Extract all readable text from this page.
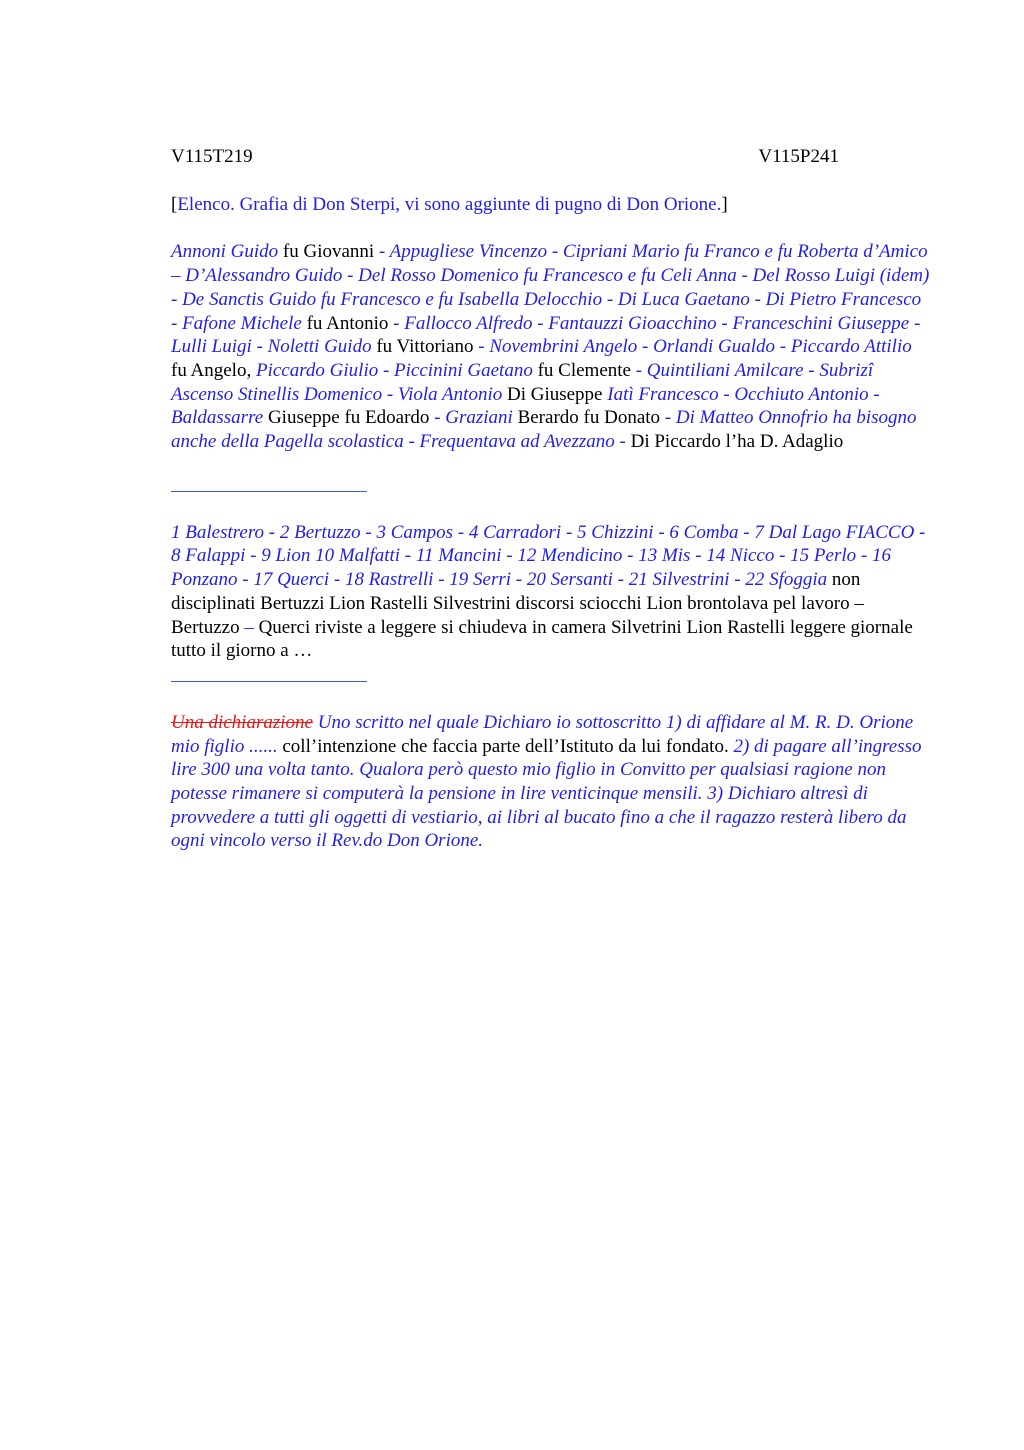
V115T219	V115P241

[Elenco. Grafia di Don Sterpi, vi sono aggiunte di pugno di Don Orione.]

Annoni Guido fu Giovanni - Appugliese Vincenzo - Cipriani Mario fu Franco e fu Roberta d’Amico – D’Alessandro Guido - Del Rosso Domenico fu Francesco e fu Celi Anna - Del Rosso Luigi (idem) - De Sanctis Guido fu Francesco e fu Isabella Delocchio - Di Luca Gaetano - Di Pietro Francesco - Fafone Michele fu Antonio - Fallocco Alfredo - Fantauzzi Gioacchino - Franceschini Giuseppe - Lulli Luigi - Noletti Guido fu Vittoriano - Novembrini Angelo - Orlandi Gualdo - Piccardo Attilio fu Angelo, Piccardo Giulio - Piccinini Gaetano fu Clemente - Quintiliani Amilcare - Subrizî Ascenso Stinellis Domenico - Viola Antonio Di Giuseppe Iatì Francesco - Occhiuto Antonio - Baldassarre Giuseppe fu Edoardo - Graziani Berardo fu Donato - Di Matteo Onnofrio ha bisogno anche della Pagella scolastica - Frequentava ad Avezzano - Di Piccardo l’ha D. Adaglio

1 Balestrero - 2 Bertuzzo - 3 Campos - 4 Carradori - 5 Chizzini - 6 Comba - 7 Dal Lago FIACCO - 8 Falappi - 9 Lion 10 Malfatti - 11 Mancini - 12 Mendicino - 13 Mis - 14 Nicco - 15 Perlo - 16 Ponzano - 17 Querci - 18 Rastrelli - 19 Serri - 20 Sersanti - 21 Silvestrini - 22 Sfoggia non disciplinati Bertuzzi Lion Rastelli Silvestrini discorsi sciocchi Lion brontolava pel lavoro – Bertuzzo – Querci riviste a leggere si chiudeva in camera Silvetrini Lion Rastelli leggere giornale tutto il giorno a …

Una dichiarazione Uno scritto nel quale Dichiaro io sottoscritto 1) di affidare al M. R. D. Orione mio figlio ...... coll’intenzione che faccia parte dell’Istituto da lui fondato. 2) di pagare all’ingresso lire 300 una volta tanto. Qualora però questo mio figlio in Convitto per qualsiasi ragione non potesse rimanere si computerà la pensione in lire venticinque mensili. 3) Dichiaro altresì di provvedere a tutti gli oggetti di vestiario, ai libri al bucato fino a che il ragazzo resterà libero da ogni vincolo verso il Rev.do Don Orione.
